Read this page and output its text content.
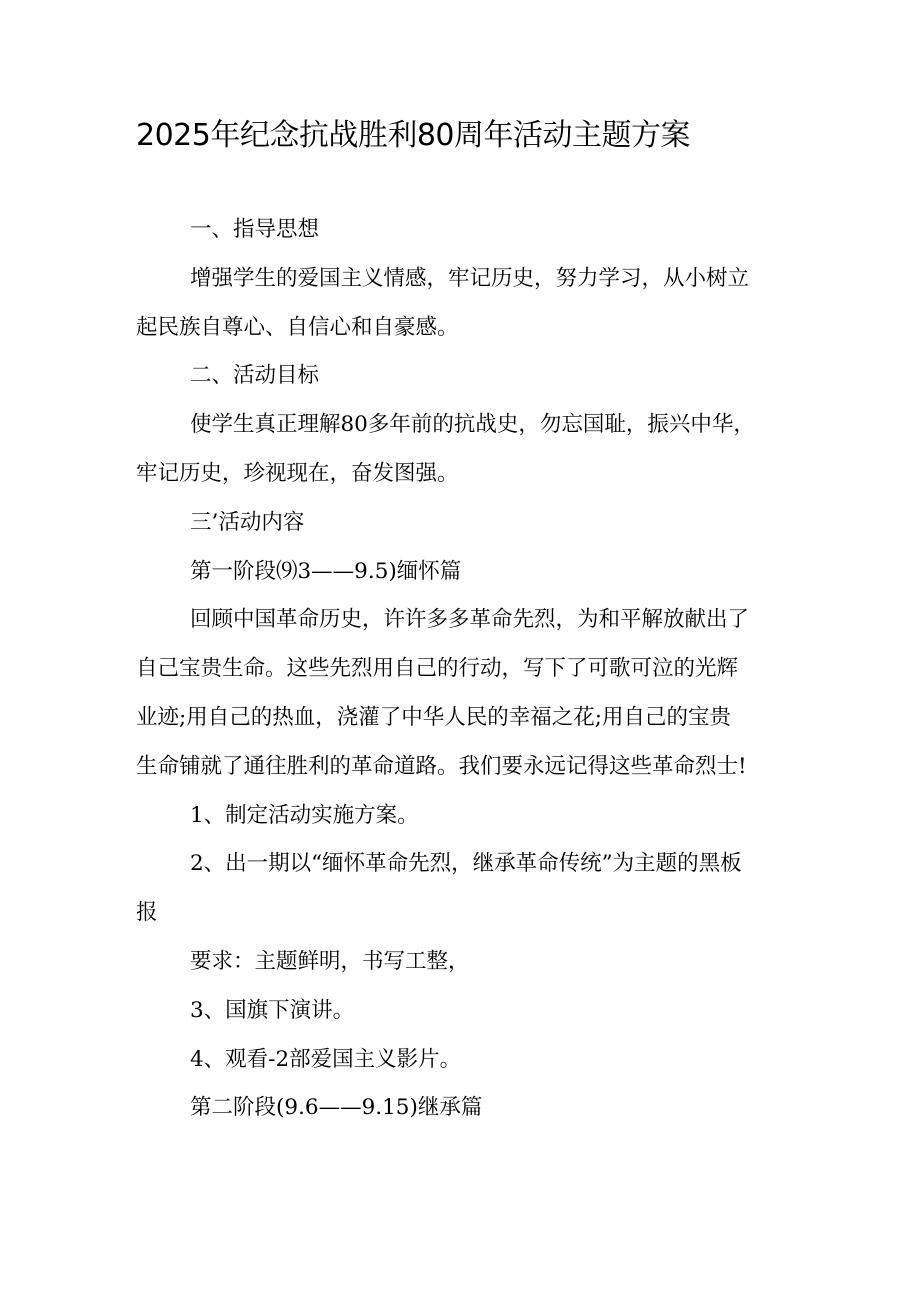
2025年纪念抗战胜利80周年活动主题方案

一、指导思想

增强学生的爱国主义情感，牢记历史，努力学习，从小树立
起民族自尊心、自信心和自豪感。

二、活动目标

使学生真正理解80多年前的抗战史，勿忘国耻，振兴中华，
牢记历史，珍视现在，奋发图强。

三’活动内容

第一阶段⑼3——9.5)缅怀篇

回顾中国革命历史，许许多多革命先烈，为和平解放献出了
自己宝贵生命。这些先烈用自己的行动，写下了可歌可泣的光辉
业迹;用自己的热血，浇灌了中华人民的幸福之花;用自己的宝贵
生命铺就了通往胜利的革命道路。我们要永远记得这些革命烈士!

1、制定活动实施方案。

2、出一期以“缅怀革命先烈，继承革命传统”为主题的黑板
报

要求：主题鲜明，书写工整，

3、国旗下演讲。

4、观看-2部爱国主义影片。

第二阶段(9.6——9.15)继承篇
